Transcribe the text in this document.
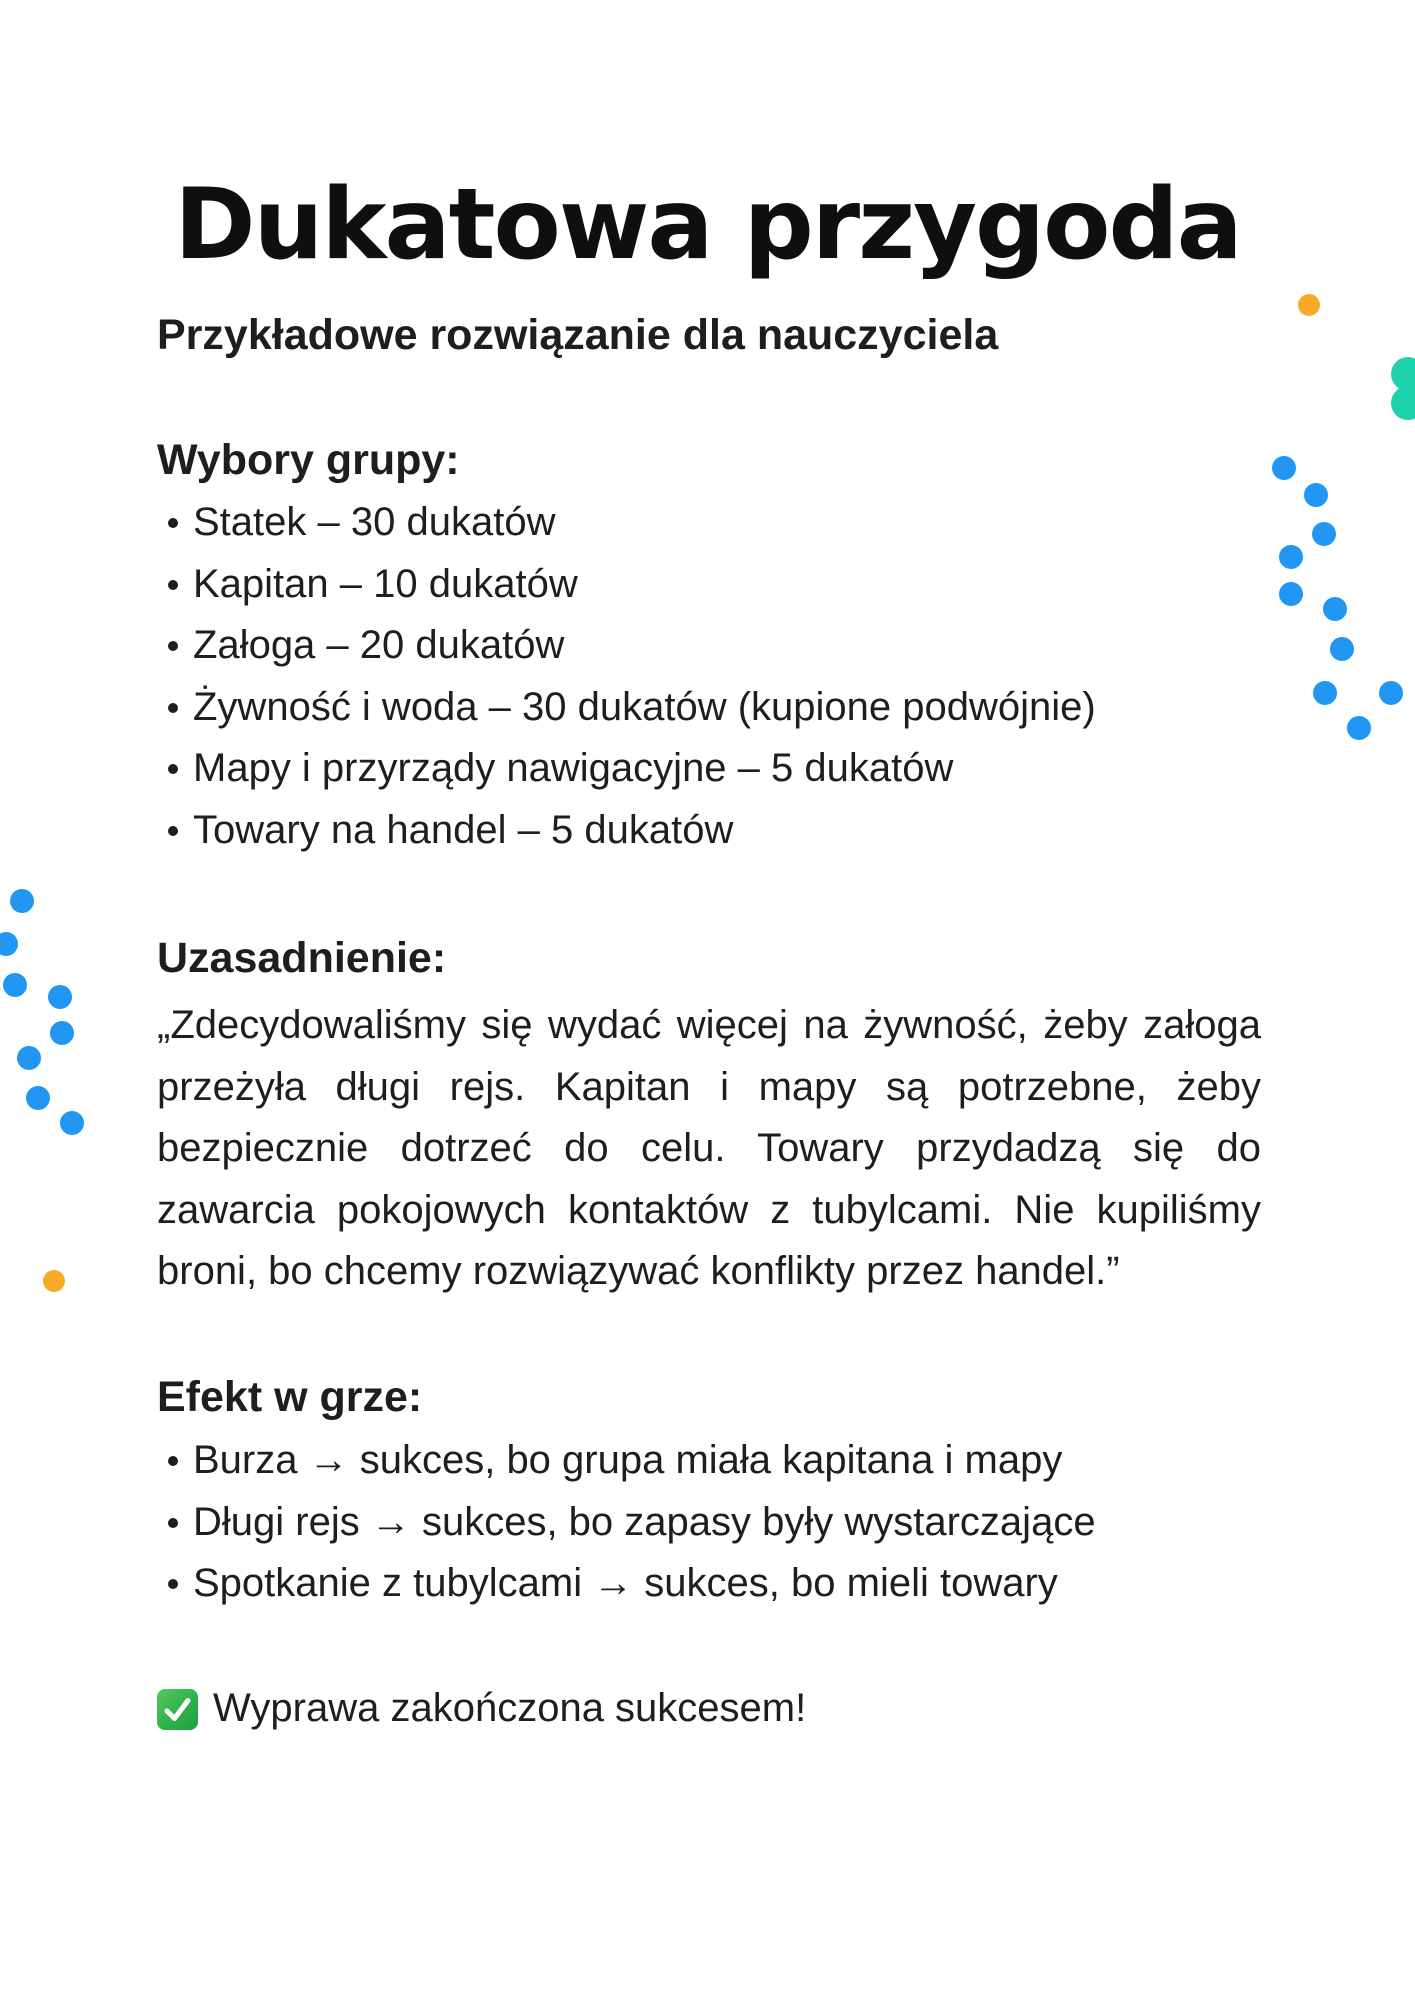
Dukatowa przygoda
Przykładowe rozwiązanie dla nauczyciela
Wybory grupy:
Statek – 30 dukatów
Kapitan – 10 dukatów
Załoga – 20 dukatów
Żywność i woda – 30 dukatów (kupione podwójnie)
Mapy i przyrządy nawigacyjne – 5 dukatów
Towary na handel – 5 dukatów
Uzasadnienie:

„Zdecydowaliśmy się wydać więcej na żywność, żeby załoga przeżyła długi rejs. Kapitan i mapy są potrzebne, żeby bezpiecznie dotrzeć do celu. Towary przydadzą się do zawarcia pokojowych kontaktów z tubylcami. Nie kupiliśmy broni, bo chcemy rozwiązywać konflikty przez handel.”

Efekt w grze:
Burza → sukces, bo grupa miała kapitana i mapy
Długi rejs → sukces, bo zapasy były wystarczające
Spotkanie z tubylcami → sukces, bo mieli towary
Wyprawa zakończona sukcesem!
